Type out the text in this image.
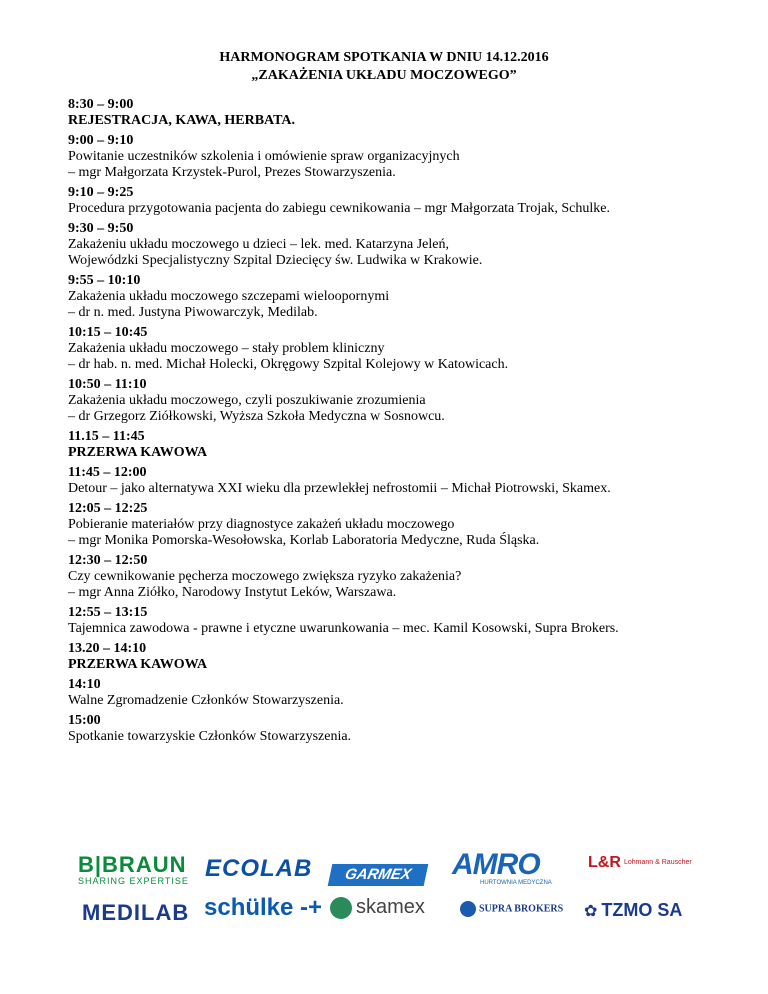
HARMONOGRAM SPOTKANIA W DNIU 14.12.2016
„ZAKAŻENIA UKŁADU MOCZOWEGO”
8:30 – 9:00
REJESTRACJA, KAWA, HERBATA.
9:00 – 9:10
Powitanie uczestników szkolenia i omówienie spraw organizacyjnych
– mgr Małgorzata Krzystek-Purol, Prezes Stowarzyszenia.
9:10 – 9:25
Procedura przygotowania pacjenta do zabiegu cewnikowania – mgr Małgorzata Trojak, Schulke.
9:30 – 9:50
Zakażeniu układu moczowego u dzieci – lek. med. Katarzyna Jeleń,
Wojewódzki Specjalistyczny Szpital Dziecięcy św. Ludwika w Krakowie.
9:55 – 10:10
Zakażenia układu moczowego szczepami wieloopornymi
– dr n. med. Justyna Piwowarczyk, Medilab.
10:15 – 10:45
Zakażenia układu moczowego – stały problem kliniczny
– dr hab. n. med. Michał Holecki, Okręgowy Szpital Kolejowy w Katowicach.
10:50 – 11:10
Zakażenia układu moczowego, czyli poszukiwanie zrozumienia
– dr Grzegorz Ziółkowski, Wyższa Szkoła Medyczna w Sosnowcu.
11.15 – 11:45
PRZERWA KAWOWA
11:45 – 12:00
Detour – jako alternatywa XXI wieku dla przewlekłej nefrostomii – Michał Piotrowski, Skamex.
12:05 – 12:25
Pobieranie materiałów przy diagnostyce zakażeń układu moczowego
– mgr Monika Pomorska-Wesołowska, Korlab Laboratoria Medyczne, Ruda Śląska.
12:30 – 12:50
Czy cewnikowanie pęcherza moczowego zwiększa ryzyko zakażenia?
– mgr Anna Ziółko, Narodowy Instytut Leków, Warszawa.
12:55 – 13:15
Tajemnica zawodowa - prawne i etyczne uwarunkowania – mec. Kamil Kosowski, Supra Brokers.
13.20 – 14:10
PRZERWA KAWOWA
14:10
Walne Zgromadzenie Członków Stowarzyszenia.
15:00
Spotkanie towarzyskie Członków Stowarzyszenia.
B|BRAUN
SHARING EXPERTISE ECOLAB	GARMEX	AMRO
HURTOWNIA MEDYCZNA
L&R Lohmann & Rauscher
MEDILAB schülke -+	skamex	SUPRA BROKERS	✿ TZMO SA
